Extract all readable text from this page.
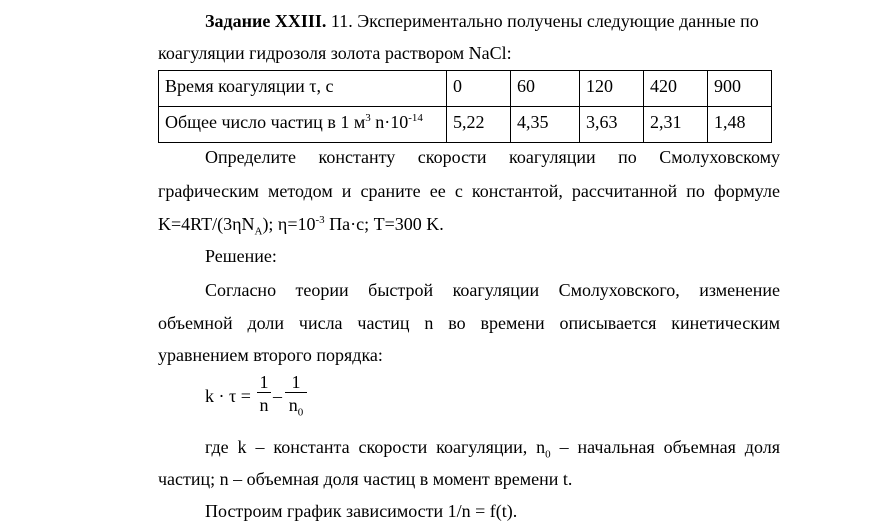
Задание XXIII. 11. Экспериментально получены следующие данные по
коагуляции гидрозоля золота раствором NaCl:
Время коагуляции τ, с	0	60	120	420	900
Общее число частиц в 1 $м^3$ $n\cdot 10^{-14}$	5,22	4,35	3,63	2,31	1,48
Определите константу скорости коагуляции по Смолуховскому
графическим методом и сраните ее с константой, рассчитанной по формуле
$K=4RT/(3\eta N_A)$; $\eta=10^{-3}$ Па·с; T=300 K.
Решение:
Согласно теории быстрой коагуляции Смолуховского, изменение
объемной доли числа частиц n во времени описывается кинетическим
уравнением второго порядка:
k · τ =
1
n –
1
$n_0$
где k – константа скорости коагуляции, $n_0$ – начальная объемная доля
частиц; n – объемная доля частиц в момент времени t.
Построим график зависимости 1/n = f(t).
